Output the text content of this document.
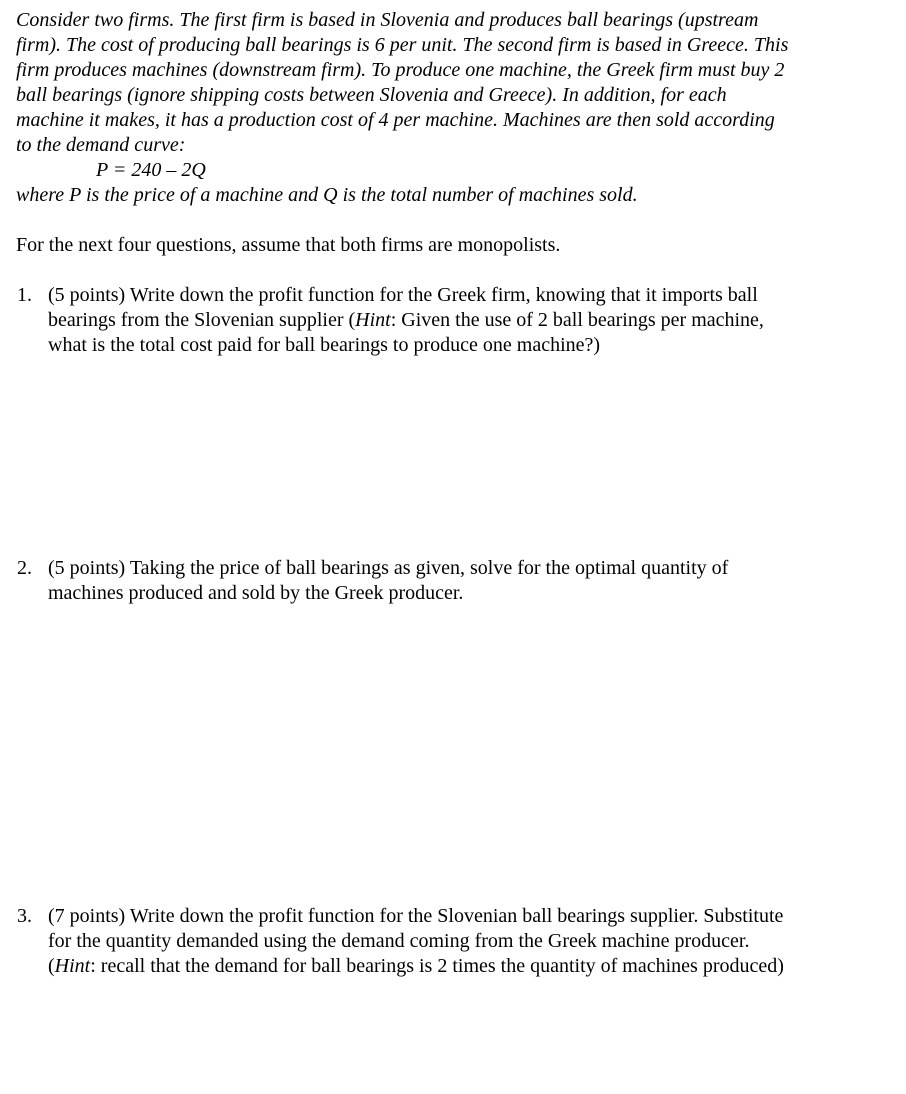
Consider two firms. The first firm is based in Slovenia and produces ball bearings (upstream
firm). The cost of producing ball bearings is 6 per unit. The second firm is based in Greece. This
firm produces machines (downstream firm). To produce one machine, the Greek firm must buy 2
ball bearings (ignore shipping costs between Slovenia and Greece). In addition, for each
machine it makes, it has a production cost of 4 per machine. Machines are then sold according
to the demand curve:
P = 240 – 2Q
where P is the price of a machine and Q is the total number of machines sold.
For the next four questions, assume that both firms are monopolists.
1. (5 points) Write down the profit function for the Greek firm, knowing that it imports ball
bearings from the Slovenian supplier (Hint: Given the use of 2 ball bearings per machine,
what is the total cost paid for ball bearings to produce one machine?)
2. (5 points) Taking the price of ball bearings as given, solve for the optimal quantity of
machines produced and sold by the Greek producer.
3. (7 points) Write down the profit function for the Slovenian ball bearings supplier. Substitute
for the quantity demanded using the demand coming from the Greek machine producer.
(Hint: recall that the demand for ball bearings is 2 times the quantity of machines produced)
